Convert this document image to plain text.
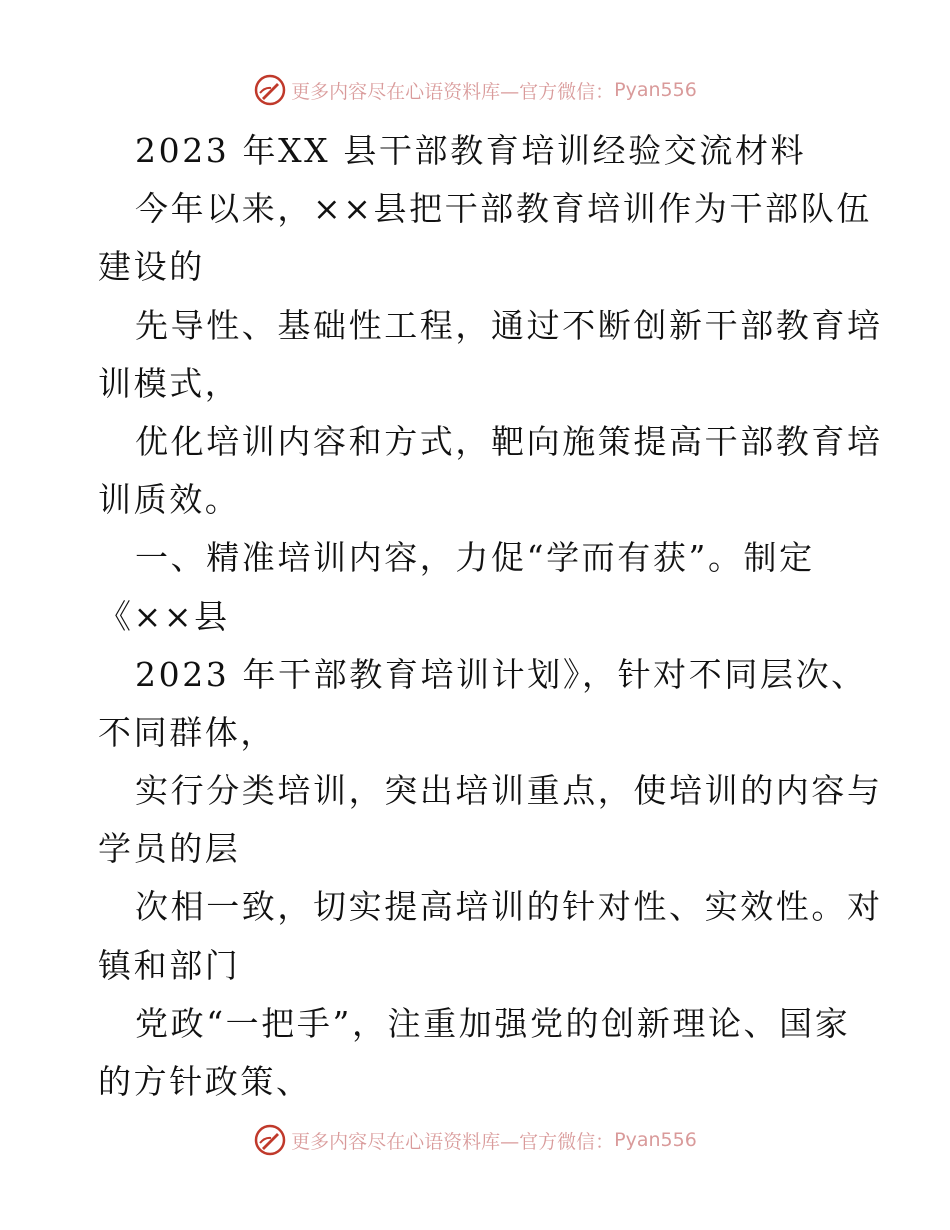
更多内容尽在心语资料库—官方微信： Pyan556
2023 年XX 县干部教育培训经验交流材料
今年以来，××县把干部教育培训作为干部队伍
建设的
先导性、基础性工程，通过不断创新干部教育培
训模式，
优化培训内容和方式，靶向施策提高干部教育培
训质效。
一、精准培训内容，力促“学而有获”。制定
《××县
2023 年干部教育培训计划》，针对不同层次、
不同群体，
实行分类培训，突出培训重点，使培训的内容与
学员的层
次相一致，切实提高培训的针对性、实效性。对
镇和部门
党政“一把手”，注重加强党的创新理论、国家
的方针政策、
更多内容尽在心语资料库—官方微信： Pyan556
